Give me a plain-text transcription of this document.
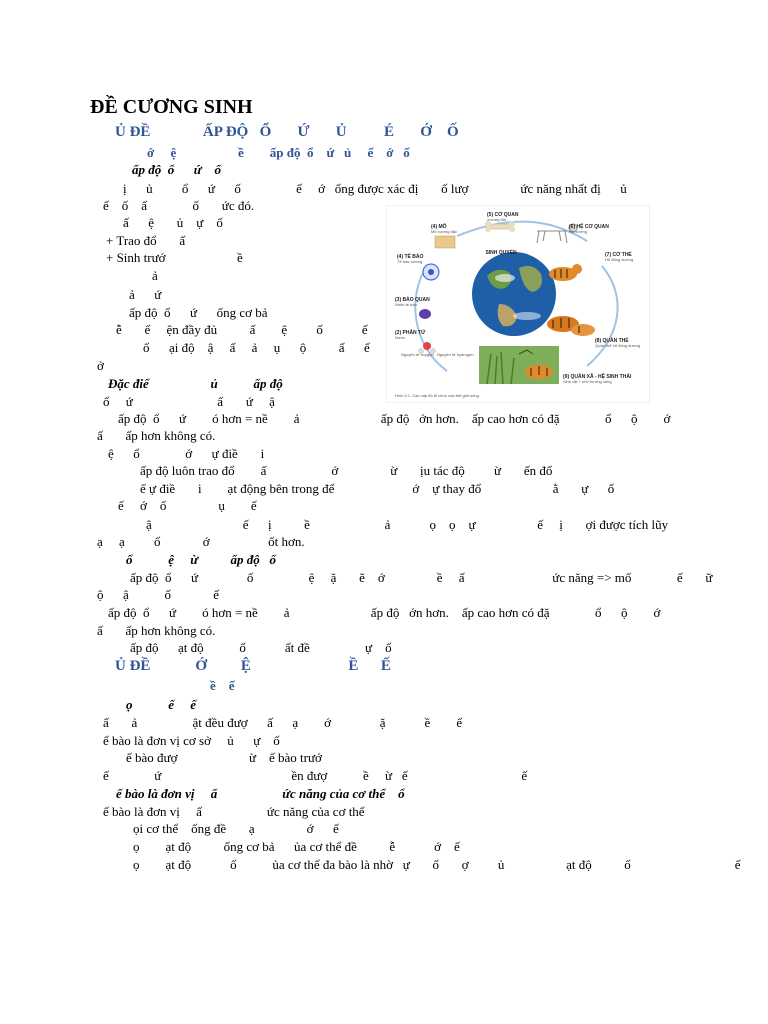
ĐỀ CƯƠNG SINH
Ủ ĐỀ              ẤP ĐỘ   Ổ       Ứ       Ủ          É       Ớ    Ố
ớ     ệ                   ề        ấp độ  ổ    ứ   ủ     ế    ớ   ố
ấp độ  ổ      ứ    ố
ị      ủ         ổ      ứ      ố                 ế     ớ   ống được xác đị       ố lượ                ức năng nhất đị      ủ
ế    ố    ấ              ố       ức đó.
ấ      ệ       ủ    ự    ố
+ Trao đổ       ấ
+ Sinh trướ                      ề
ả
ả      ứ
ấp độ  ổ      ứ      ống cơ bả
ễ       ế     ện đầy đủ          ấ        ệ         ố            ế
ổ      ại độ    ậ     ấ     ả     ụ      ộ          ấ      ế
ở
Đặc điể                   ủ           ấp độ
ổ     ứ                          ấ       ứ     ậ
ấp độ  ổ      ứ        ó hơn = nề        ả                         ấp độ   ớn hơn.    ấp cao hơn có đặ              ổ      ộ        ớ
ấ       ấp hơn không có.
ệ      ổ              ớ      ự điề       i
ấp độ luôn trao đổ        ấ                    ớ                ừ       ịu tác độ         ừ       ến đổ
ế ự điề       i        ạt động bên trong để                        ớ    ự thay đổ                      ằ       ự      ố
ế     ớ    ố                ụ        ế
ậ                            ế      ị          ề                       ả            ọ    ọ    ự                   ế     ị       ợi được tích lũy
ạ     ạ         ố             ớ                  ốt hơn.
ổ           ệ     ừ          ấp độ   ố
ấp độ  ổ      ứ               ố                 ệ     ặ       ẽ    ớ                ề     ấ                           ức năng => mố              ế       ữ
ộ      ậ           ố             ế
ấp độ  ổ      ứ        ó hơn = nề        ả                         ấp độ   ớn hơn.    ấp cao hơn có đặ              ổ      ộ        ớ
ấ       ấp hơn không có.
ấp độ      ạt độ           ố            ất đề                 ự    ố
Ủ ĐỀ            Ớ         Ệ                          Ề      Ế
ề    ế
ọ           ế     ế
ấ       ả                 ật đều đượ      ấ      ạ        ớ               ặ            ề        ế
ế bào là đơn vị cơ sở     ủ      ự    ố
ế bào đượ                      ừ    ế bào trướ
ế              ứ                                        ền đượ           ề     ừ   ế                                   ế
ế bào là đơn vị     ấ                    ức năng của cơ thể    ổ
ế bào là đơn vị     ấ                    ức năng của cơ thể
ọi cơ thể    ống đề       ạ                ớ      ế
ọ        ạt độ          ống cơ bả      ủa cơ thể đề          ễ            ớ    ế
ọ        ạt độ            ố           ủa cơ thể đa bào là nhờ   ự       ố       ợ         ủ                   ạt độ          ố                                ế
SINH QUYỂN
(5) CƠ QUAN
Xương đùi
(6) HỆ CƠ QUAN
Hệ xương
(7) CƠ THỂ
Hổ đông dương
(8) QUẦN THỂ
Quần thể hổ đông dương
(9) QUẦN XÃ - HỆ SINH THÁI
Sinh vật + môi trường sống
(2) PHÂN TỬ
Nước
(3) BÀO QUAN
Nhân tế bào
(4) TẾ BÀO
Tế bào xương
(4) MÔ
Mô xương đặc
Nguyên tử oxygen Nguyên tử hydrogen
Hình 3.1. Các cấp độ tổ chức của thế giới sống
